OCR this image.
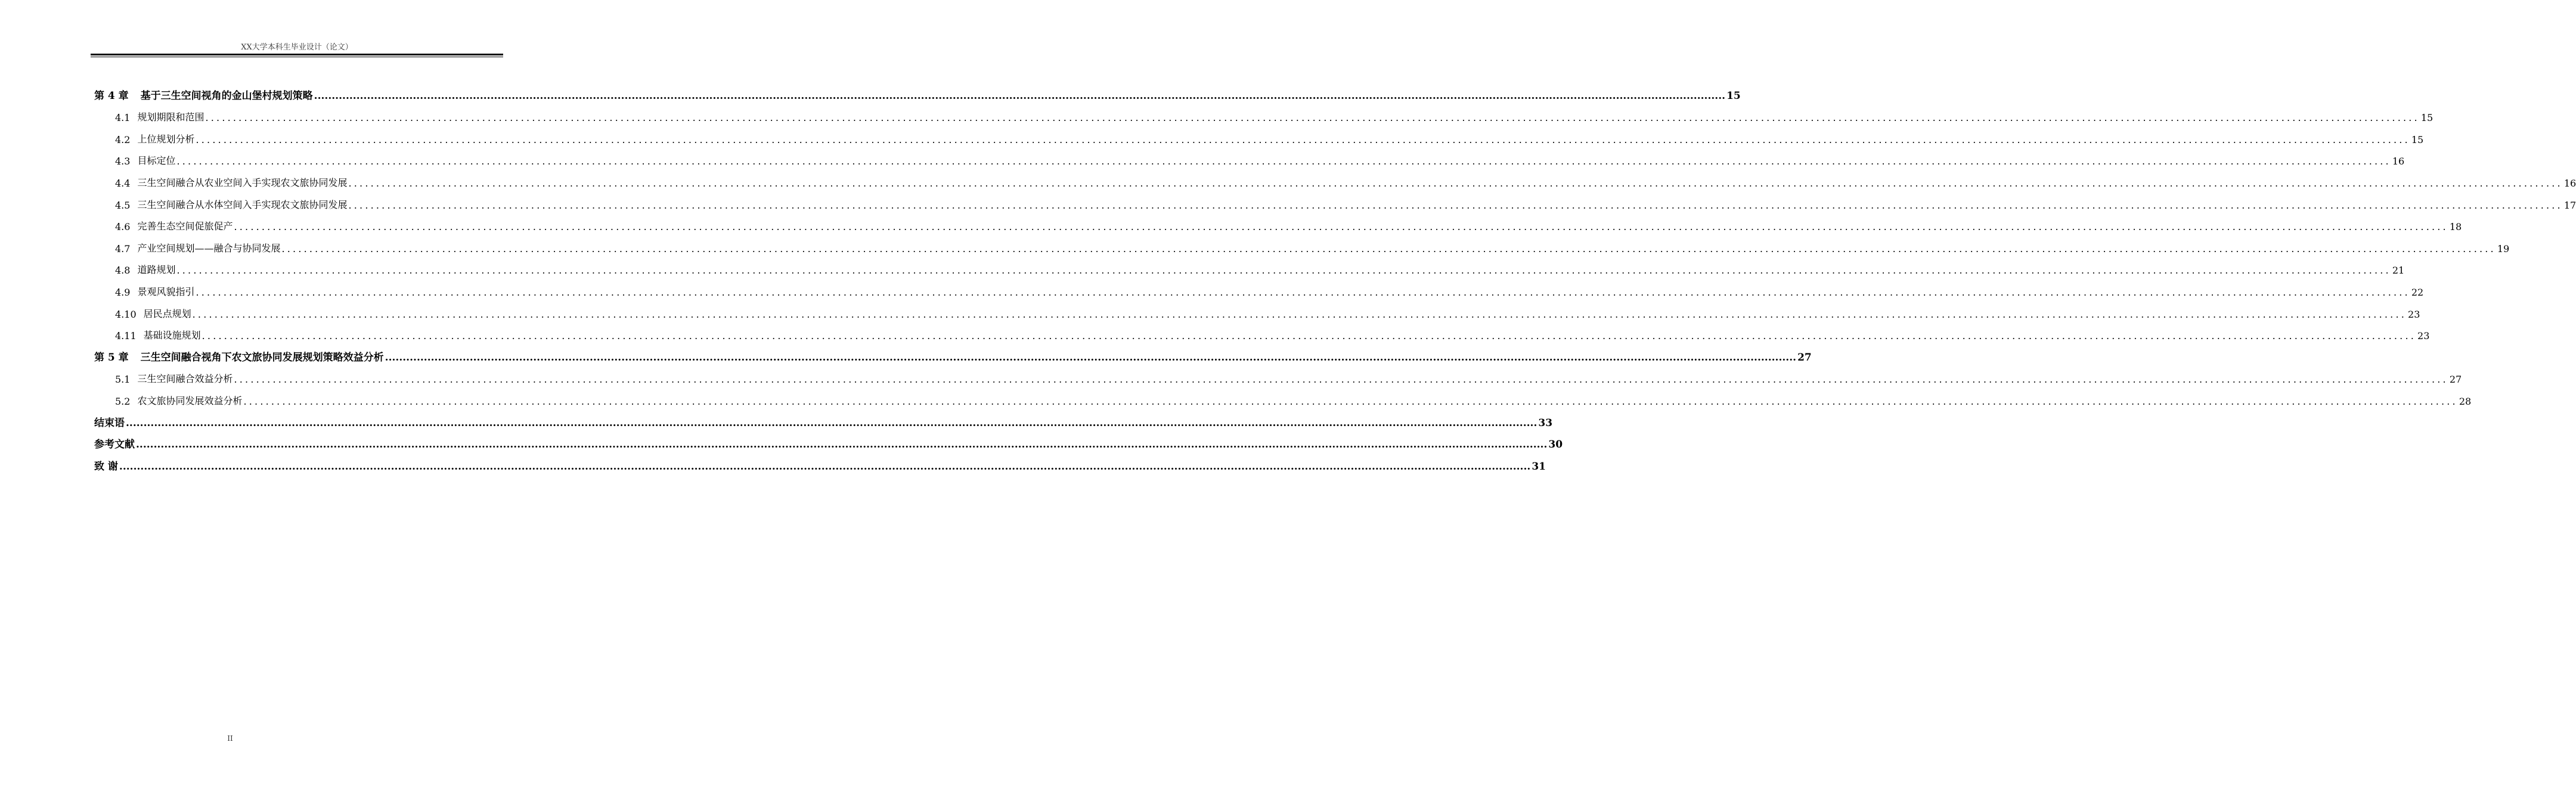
XX大学本科生毕业设计（论文）
第 4 章 基于三生空间视角的金山堡村规划策略 ................................................................................................................................................................................................................................................................................................................................................................................................................ 15
4.1 规划期限和范围 ................................................................................................................................................................................................................................................................................................................................................................................................................ 15
4.2 上位规划分析 ................................................................................................................................................................................................................................................................................................................................................................................................................ 15
4.3 目标定位 ................................................................................................................................................................................................................................................................................................................................................................................................................ 16
4.4 三生空间融合从农业空间入手实现农文旅协同发展 ................................................................................................................................................................................................................................................................................................................................................................................................................ 16
4.5 三生空间融合从水体空间入手实现农文旅协同发展 ................................................................................................................................................................................................................................................................................................................................................................................................................ 17
4.6 完善生态空间促旅促产 ................................................................................................................................................................................................................................................................................................................................................................................................................ 18
4.7 产业空间规划——融合与协同发展 ................................................................................................................................................................................................................................................................................................................................................................................................................ 19
4.8 道路规划 ................................................................................................................................................................................................................................................................................................................................................................................................................ 21
4.9 景观风貌指引 ................................................................................................................................................................................................................................................................................................................................................................................................................ 22
4.10 居民点规划 ................................................................................................................................................................................................................................................................................................................................................................................................................ 23
4.11 基础设施规划 ................................................................................................................................................................................................................................................................................................................................................................................................................ 23
第 5 章 三生空间融合视角下农文旅协同发展规划策略效益分析 ................................................................................................................................................................................................................................................................................................................................................................................................................ 27
5.1 三生空间融合效益分析 ................................................................................................................................................................................................................................................................................................................................................................................................................ 27
5.2 农文旅协同发展效益分析 ................................................................................................................................................................................................................................................................................................................................................................................................................ 28
结束语 ................................................................................................................................................................................................................................................................................................................................................................................................................ 33
参考文献 ................................................................................................................................................................................................................................................................................................................................................................................................................ 30
致 谢 ................................................................................................................................................................................................................................................................................................................................................................................................................ 31
II
